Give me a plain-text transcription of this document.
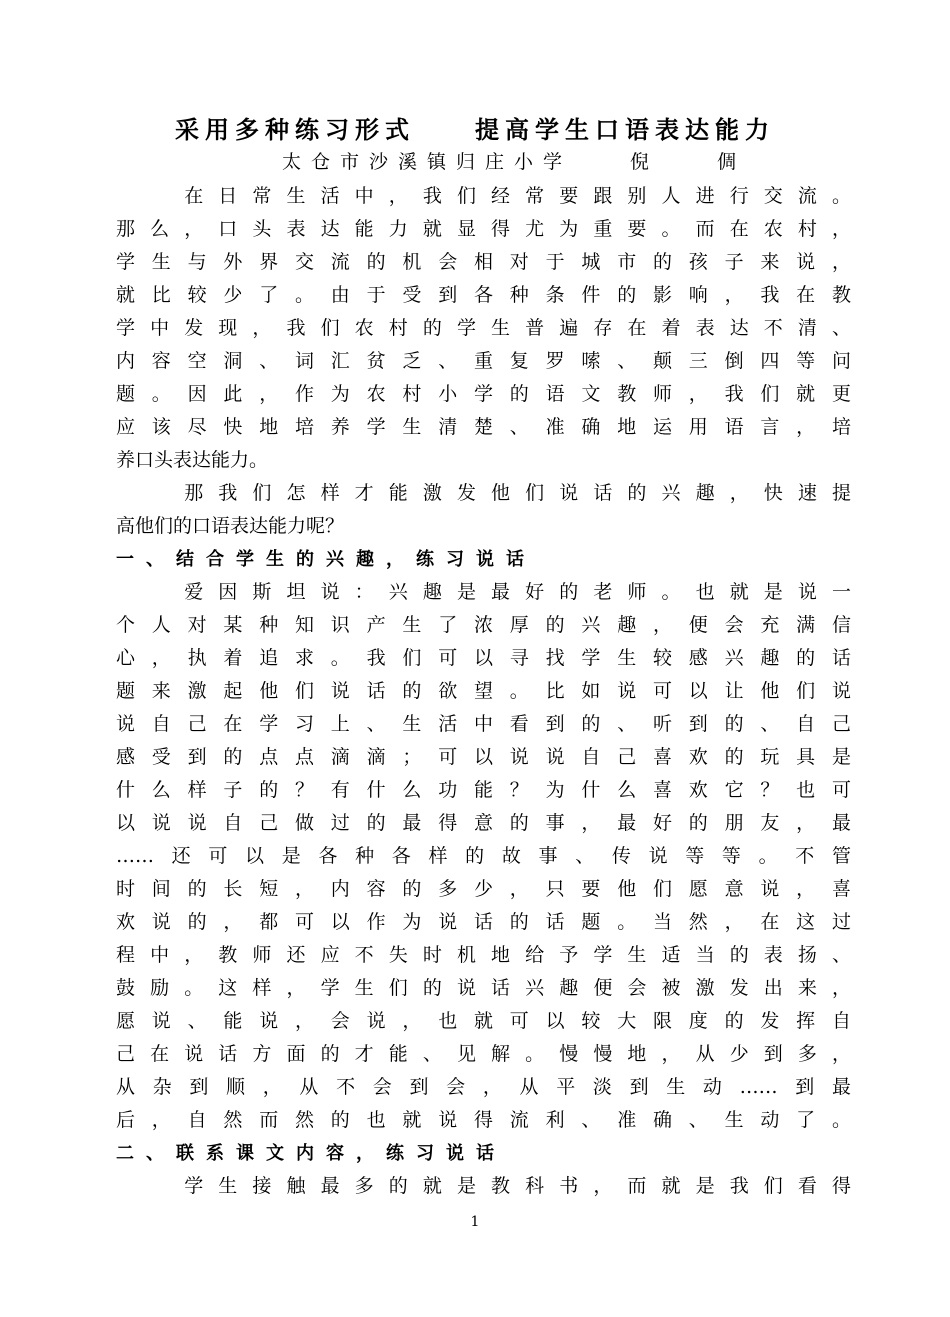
采用多种练习形式　　提高学生口语表达能力
太仓市沙溪镇归庄小学　　倪　　倜
　　在日常生活中，我们经常要跟别人进行交流。
那么，口头表达能力就显得尤为重要。而在农村，
学生与外界交流的机会相对于城市的孩子来说，
就比较少了。由于受到各种条件的影响，我在教
学中发现，我们农村的学生普遍存在着表达不清、
内容空洞、词汇贫乏、重复罗嗦、颠三倒四等问
题。因此，作为农村小学的语文教师，我们就更
应该尽快地培养学生清楚、准确地运用语言，培
养口头表达能力。
　　那我们怎样才能激发他们说话的兴趣，快速提
高他们的口语表达能力呢？
一、结合学生的兴趣，练习说话
　　爱因斯坦说：兴趣是最好的老师。也就是说一
个人对某种知识产生了浓厚的兴趣，便会充满信
心，执着追求。我们可以寻找学生较感兴趣的话
题来激起他们说话的欲望。比如说可以让他们说
说自己在学习上、生活中看到的、听到的、自己
感受到的点点滴滴；可以说说自己喜欢的玩具是
什么样子的？有什么功能？为什么喜欢它？也可
以说说自己做过的最得意的事，最好的朋友，最
……还可以是各种各样的故事、传说等等。不管
时间的长短，内容的多少，只要他们愿意说，喜
欢说的，都可以作为说话的话题。当然，在这过
程中，教师还应不失时机地给予学生适当的表扬、
鼓励。这样，学生们的说话兴趣便会被激发出来，
愿说、能说，会说，也就可以较大限度的发挥自
己在说话方面的才能、见解。慢慢地，从少到多，
从杂到顺，从不会到会，从平淡到生动……到最
后，自然而然的也就说得流利、准确、生动了。
二、联系课文内容，练习说话
　　学生接触最多的就是教科书，而就是我们看得
1
